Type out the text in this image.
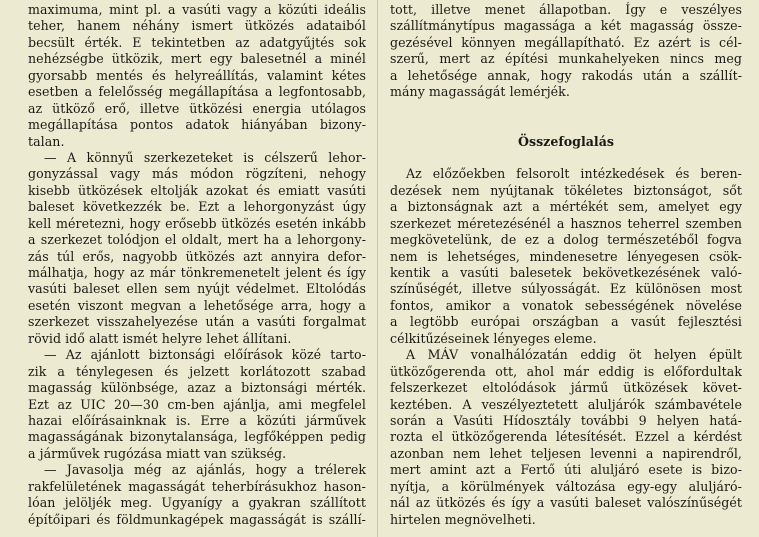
maximuma, mint pl. a vasúti vagy a közúti ideális
teher, hanem néhány ismert ütközés adataiból
becsült érték. E tekintetben az adatgyűjtés sok
nehézségbe ütközik, mert egy balesetnél a minél
gyorsabb mentés és helyreállítás, valamint kétes
esetben a felelősség megállapítása a legfontosabb,
az ütköző erő, illetve ütközési energia utólagos
megállapítása pontos adatok hiányában bizony-
talan.
— A könnyű szerkezeteket is célszerű lehor-
gonyzással vagy más módon rögzíteni, nehogy
kisebb ütközések eltolják azokat és emiatt vasúti
baleset következzék be. Ezt a lehorgonyzást úgy
kell méretezni, hogy erősebb ütközés esetén inkább
a szerkezet tolódjon el oldalt, mert ha a lehorgony-
zás túl erős, nagyobb ütközés azt annyira defor-
málhatja, hogy az már tönkremenetelt jelent és így
vasúti baleset ellen sem nyújt védelmet. Eltolódás
esetén viszont megvan a lehetősége arra, hogy a
szerkezet visszahelyezése után a vasúti forgalmat
rövid idő alatt ismét helyre lehet állítani.
— Az ajánlott biztonsági előírások közé tarto-
zik a ténylegesen és jelzett korlátozott szabad
magasság különbsége, azaz a biztonsági mérték.
Ezt az UIC 20—30 cm-ben ajánlja, ami megfelel
hazai előírásainknak is. Erre a közúti járművek
magasságának bizonytalansága, legfőképpen pedig
a járművek rugózása miatt van szükség.
— Javasolja még az ajánlás, hogy a trélerek
rakfelületének magasságát teherbírásukhoz hason-
lóan jelöljék meg. Ugyanígy a gyakran szállított
építőipari és földmunkagépek magasságát is szállí-
tott, illetve menet állapotban. Így e veszélyes
szállítmánytípus magassága a két magasság össze-
gezésével könnyen megállapítható. Ez azért is cél-
szerű, mert az építési munkahelyeken nincs meg
a lehetősége annak, hogy rakodás után a szállít-
mány magasságát lemérjék.
Összefoglalás
Az előzőekben felsorolt intézkedések és beren-
dezések nem nyújtanak tökéletes biztonságot, sőt
a biztonságnak azt a mértékét sem, amelyet egy
szerkezet méretezésénél a hasznos teherrel szemben
megkövetelünk, de ez a dolog természetéből fogva
nem is lehetséges, mindenesetre lényegesen csök-
kentik a vasúti balesetek bekövetkezésének való-
színűségét, illetve súlyosságát. Ez különösen most
fontos, amikor a vonatok sebességének növelése
a legtöbb európai országban a vasút fejlesztési
célkitűzéseinek lényeges eleme.
A MÁV vonalhálózatán eddig öt helyen épült
ütközőgerenda ott, ahol már eddig is előfordultak
felszerkezet eltolódások jármű ütközések követ-
keztében. A veszélyeztetett aluljárók számbavétele
során a Vasúti Hídosztály további 9 helyen hatá-
rozta el ütközőgerenda létesítését. Ezzel a kérdést
azonban nem lehet teljesen levenni a napirendről,
mert amint azt a Fertő úti aluljáró esete is bizo-
nyítja, a körülmények változása egy-egy aluljáró-
nál az ütközés és így a vasúti baleset valószínűségét
hirtelen megnövelheti.
